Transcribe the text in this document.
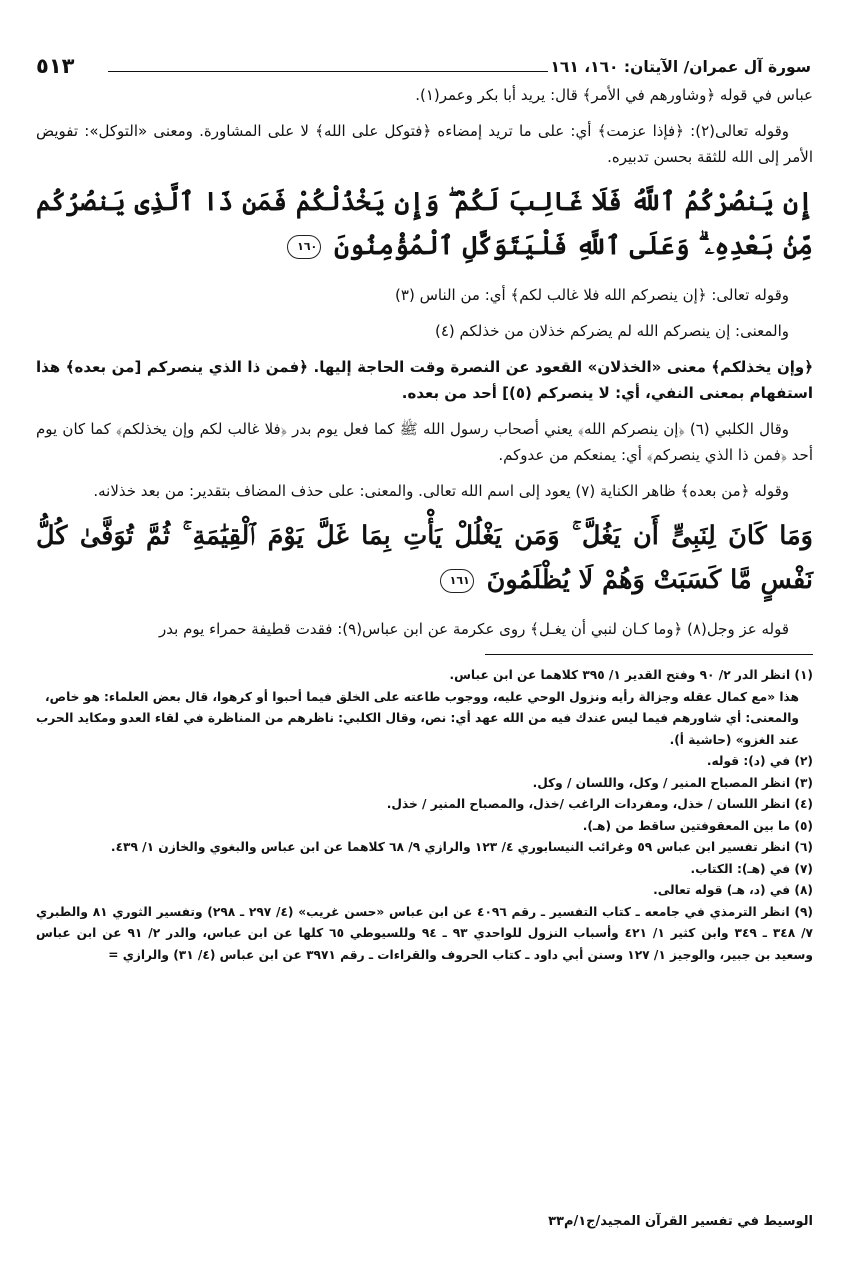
سورة آل عمران/ الآيتان: ١٦٠، ١٦١
٥١٣

عباس في قوله ﴿وشاورهم في الأمر﴾ قال: يريد أبا بكر وعمر(١).

وقوله تعالى(٢): ﴿فإذا عزمت﴾ أي: على ما تريد إمضاءه ﴿فتوكل على الله﴾ لا على المشاورة. ومعنى «التوكل»: تفويض الأمر إلى الله للثقة بحسن تدبيره.

إِن يَنصُرْكُمُ ٱللَّهُ فَلَا غَالِبَ لَكُمْ ۖ وَإِن يَخْذُلْكُمْ فَمَن ذَا ٱلَّذِى يَنصُرُكُم مِّنۢ بَعْدِهِۦ ۗ وَعَلَى ٱللَّهِ فَلْيَتَوَكَّلِ ٱلْمُؤْمِنُونَ ١٦٠

وقوله تعالى: ﴿إن ينصركم الله فلا غالب لكم﴾ أي: من الناس (٣)

والمعنى: إن ينصركم الله لم يضركم خذلان من خذلكم (٤)

﴿وإن يخذلكم﴾ معنى «الخذلان» القعود عن النصرة وقت الحاجة إليها. ﴿فمن ذا الذي ينصركم [من بعده﴾ هذا استفهام بمعنى النفي، أي: لا ينصركم (٥)] أحد من بعده.

وقال الكلبي (٦) ﴿إن ينصركم الله﴾ يعني أصحاب رسول الله ﷺ كما فعل يوم بدر ﴿فلا غالب لكم وإن يخذلكم﴾ كما كان يوم أحد ﴿فمن ذا الذي ينصركم﴾ أي: يمنعكم من عدوكم.

وقوله ﴿من بعده﴾ ظاهر الكناية (٧) يعود إلى اسم الله تعالى. والمعنى: على حذف المضاف بتقدير: من بعد خذلانه.

وَمَا كَانَ لِنَبِىٍّ أَن يَغُلَّ ۚ وَمَن يَغْلُلْ يَأْتِ بِمَا غَلَّ يَوْمَ ٱلْقِيَٰمَةِ ۚ ثُمَّ تُوَفَّىٰ كُلُّ نَفْسٍ مَّا كَسَبَتْ وَهُمْ لَا يُظْلَمُونَ ١٦١

قوله عز وجل(٨) ﴿وما كـان لنبي أن يغـل﴾ روى عكرمة عن ابن عباس(٩): فقدت قطيفة حمراء يوم بدر

(١) انظر الدر ٢/ ٩٠ وفتح القدير ١/ ٣٩٥ كلاهما عن ابن عباس.
هذا «مع كمال عقله وجزالة رأيه ونزول الوحي عليه، ووجوب طاعته على الخلق فيما أحبوا أو كرهوا، قال بعض العلماء: هو خاص،
والمعنى: أي شاورهم فيما ليس عندك فيه من الله عهد أي: نص، وقال الكلبي: ناظرهم من المناظرة في لقاء العدو ومكايد الحرب عند الغزو» (حاشية أ).
(٢) في (د): قوله.
(٣) انظر المصباح المنير / وكل، واللسان / وكل.
(٤) انظر اللسان / خذل، ومفردات الراغب /خذل، والمصباح المنير / خذل.
(٥) ما بين المعقوفتين ساقط من (هـ).
(٦) انظر تفسير ابن عباس ٥٩ وغرائب النيسابوري ٤/ ١٢٣ والرازي ٩/ ٦٨ كلاهما عن ابن عباس والبغوي والخازن ١/ ٤٣٩.
(٧) في (هـ): الكتاب.
(٨) في (د، هـ) قوله تعالى.
(٩) انظر الترمذي في جامعه ـ كتاب التفسير ـ رقم ٤٠٩٦ عن ابن عباس «حسن غريب» (٤/ ٢٩٧ ـ ٢٩٨) وتفسير الثوري ٨١ والطبري ٧/ ٣٤٨ ـ ٣٤٩ وابن كثير ١/ ٤٢١ وأسباب النزول للواحدي ٩٣ ـ ٩٤ وللسيوطي ٦٥ كلها عن ابن عباس، والدر ٢/ ٩١ عن ابن عباس وسعيد بن جبير، والوجيز ١/ ١٢٧ وسنن أبي داود ـ كتاب الحروف والقراءات ـ رقم ٣٩٧١ عن ابن عباس (٤/ ٣١) والرازي =
الوسيط في تفسير القرآن المجيد/ج١/م٣٣
